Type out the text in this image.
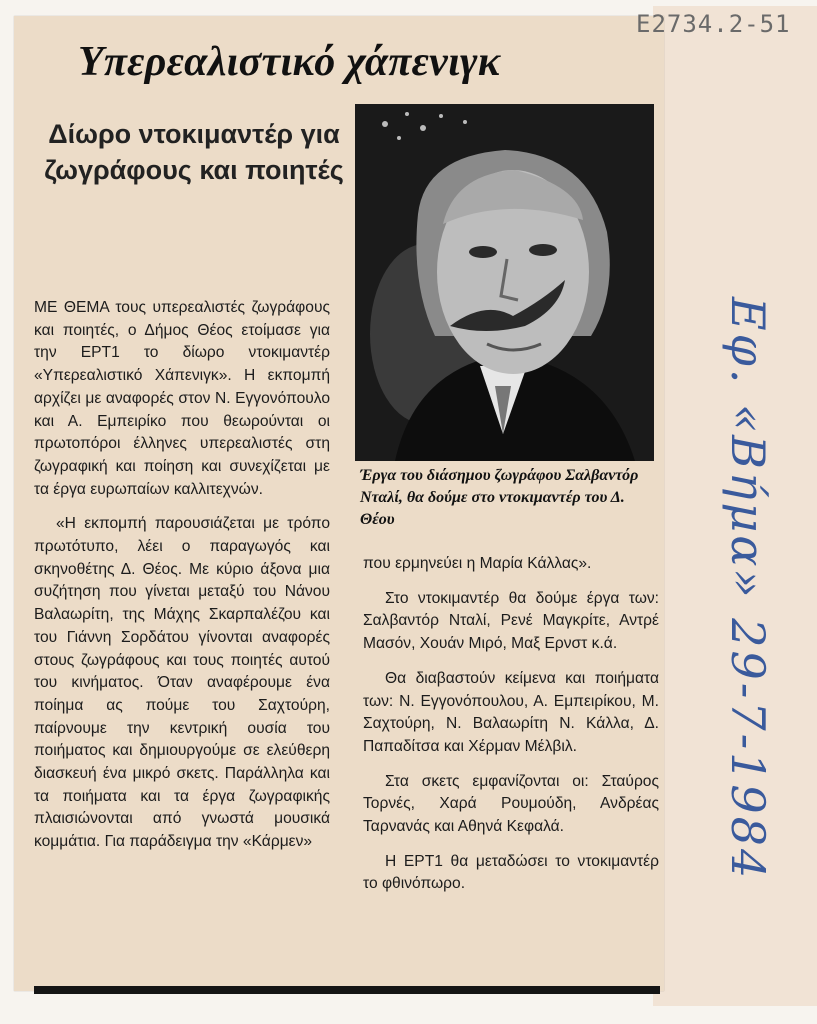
Υπερεαλιστικό χάπενιγκ
Δίωρο ντοκιμαντέρ για ζωγράφους και ποιητές

ΜΕ ΘΕΜΑ τους υπερεαλιστές ζωγράφους και ποιητές, ο Δήμος Θέος ετοίμασε για την ΕΡΤ1 το δίωρο ντοκιμαντέρ «Υπερεαλιστικό Χάπενιγκ». Η εκπομπή αρχίζει με αναφορές στον Ν. Εγγονόπουλο και Α. Εμπειρίκο που θεωρούνται οι πρωτοπόροι έλληνες υπερεαλιστές στη ζωγραφική και ποίηση και συνεχίζεται με τα έργα ευρωπαίων καλλιτεχνών.

«Η εκπομπή παρουσιάζεται με τρόπο πρωτότυπο, λέει ο παραγωγός και σκηνοθέτης Δ. Θέος. Με κύριο άξονα μια συζήτηση που γίνεται μεταξύ του Νάνου Βαλαωρίτη, της Μάχης Σκαρπαλέζου και του Γιάννη Σορδάτου γίνονται αναφορές στους ζωγράφους και τους ποιητές αυτού του κινήματος. Όταν αναφέρουμε ένα ποίημα ας πούμε του Σαχτούρη, παίρνουμε την κεντρική ουσία του ποιήματος και δημιουργούμε σε ελεύθερη διασκευή ένα μικρό σκετς. Παράλληλα και τα ποιήματα και τα έργα ζωγραφικής πλαισιώνονται από γνωστά μουσικά κομμάτια. Για παράδειγμα την «Κάρμεν»

Έργα του διάσημου ζωγράφου Σαλβαντόρ Νταλί, θα δούμε στο ντοκιμαντέρ του Δ. Θέου

που ερμηνεύει η Μαρία Κάλλας».

Στο ντοκιμαντέρ θα δούμε έργα των: Σαλβαντόρ Νταλί, Ρενέ Μαγκρίτε, Αντρέ Μασόν, Χουάν Μιρό, Μαξ Ερνστ κ.ά.

Θα διαβαστούν κείμενα και ποιήματα των: Ν. Εγγονόπουλου, Α. Εμπειρίκου, Μ. Σαχτούρη, Ν. Βαλαωρίτη Ν. Κάλλα, Δ. Παπαδίτσα και Χέρμαν Μέλβιλ.

Στα σκετς εμφανίζονται οι: Σταύρος Τορνές, Χαρά Ρουμούδη, Ανδρέας Ταρνανάς και Αθηνά Κεφαλά.

Η ΕΡΤ1 θα μεταδώσει το ντοκιμαντέρ το φθινόπωρο.

Ε2734.2-51
Εφ. «Βήμα» 29-7-1984
